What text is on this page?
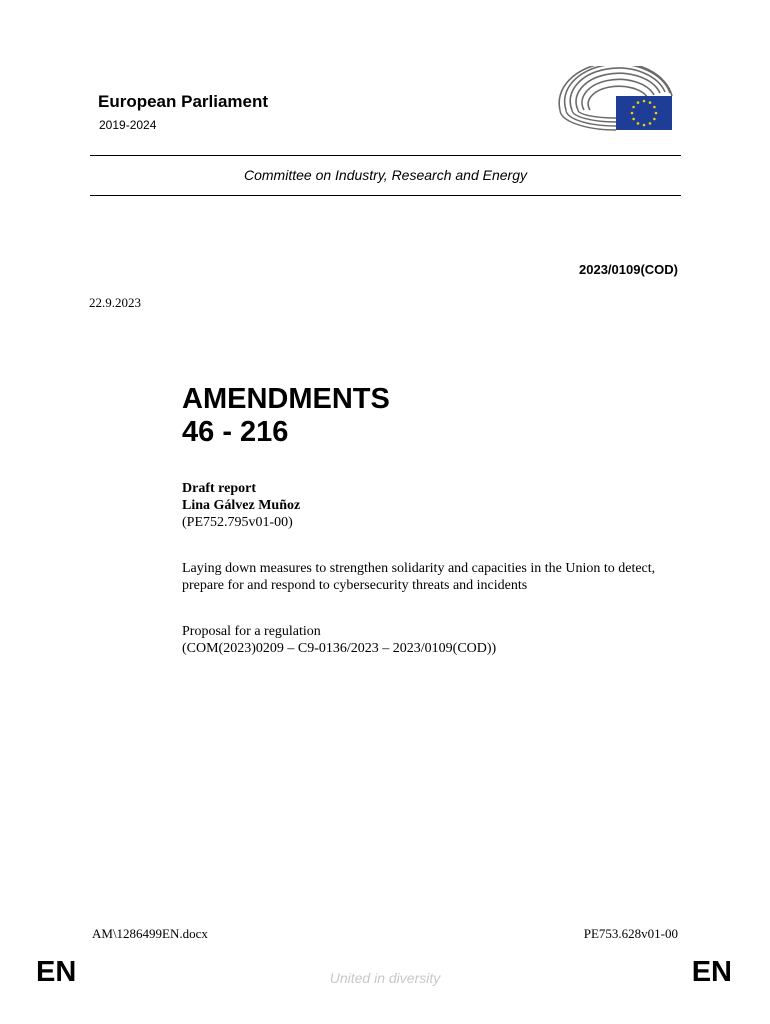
European Parliament
2019-2024
Committee on Industry, Research and Energy
2023/0109(COD)
22.9.2023
AMENDMENTS
46 - 216
Draft report
Lina Gálvez Muñoz
(PE752.795v01-00)
Laying down measures to strengthen solidarity and capacities in the Union to detect, prepare for and respond to cybersecurity threats and incidents
Proposal for a regulation
(COM(2023)0209 – C9-0136/2023 – 2023/0109(COD))
AM\1286499EN.docx	PE753.628v01-00
EN	United in diversity	EN
